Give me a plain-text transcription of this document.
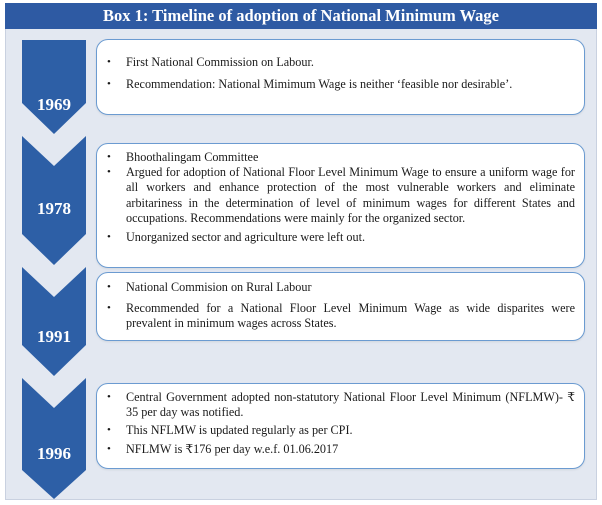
Box 1: Timeline of adoption of National Minimum Wage
1969
1978
1991
1996
• First National Commission on Labour.
• Recommendation: National Mimimum Wage is neither ‘feasible nor desirable’.
• Bhoothalingam Committee
• Argued for adoption of National Floor Level Minimum Wage to ensure a uniform wage for all workers and enhance protection of the most vulnerable workers and eliminate arbitariness in the determination of level of minimum wages for different States and occupations. Recommendations were mainly for the organized sector.
• Unorganized sector and agriculture were left out.
• National Commision on Rural Labour
• Recommended for a National Floor Level Minimum Wage as wide disparites were prevalent in minimum wages across States.
• Central Government adopted non-statutory National Floor Level Minimum (NFLMW)- ₹ 35 per day was notified.
• This NFLMW is updated regularly as per CPI.
• NFLMW is ₹176 per day w.e.f. 01.06.2017
